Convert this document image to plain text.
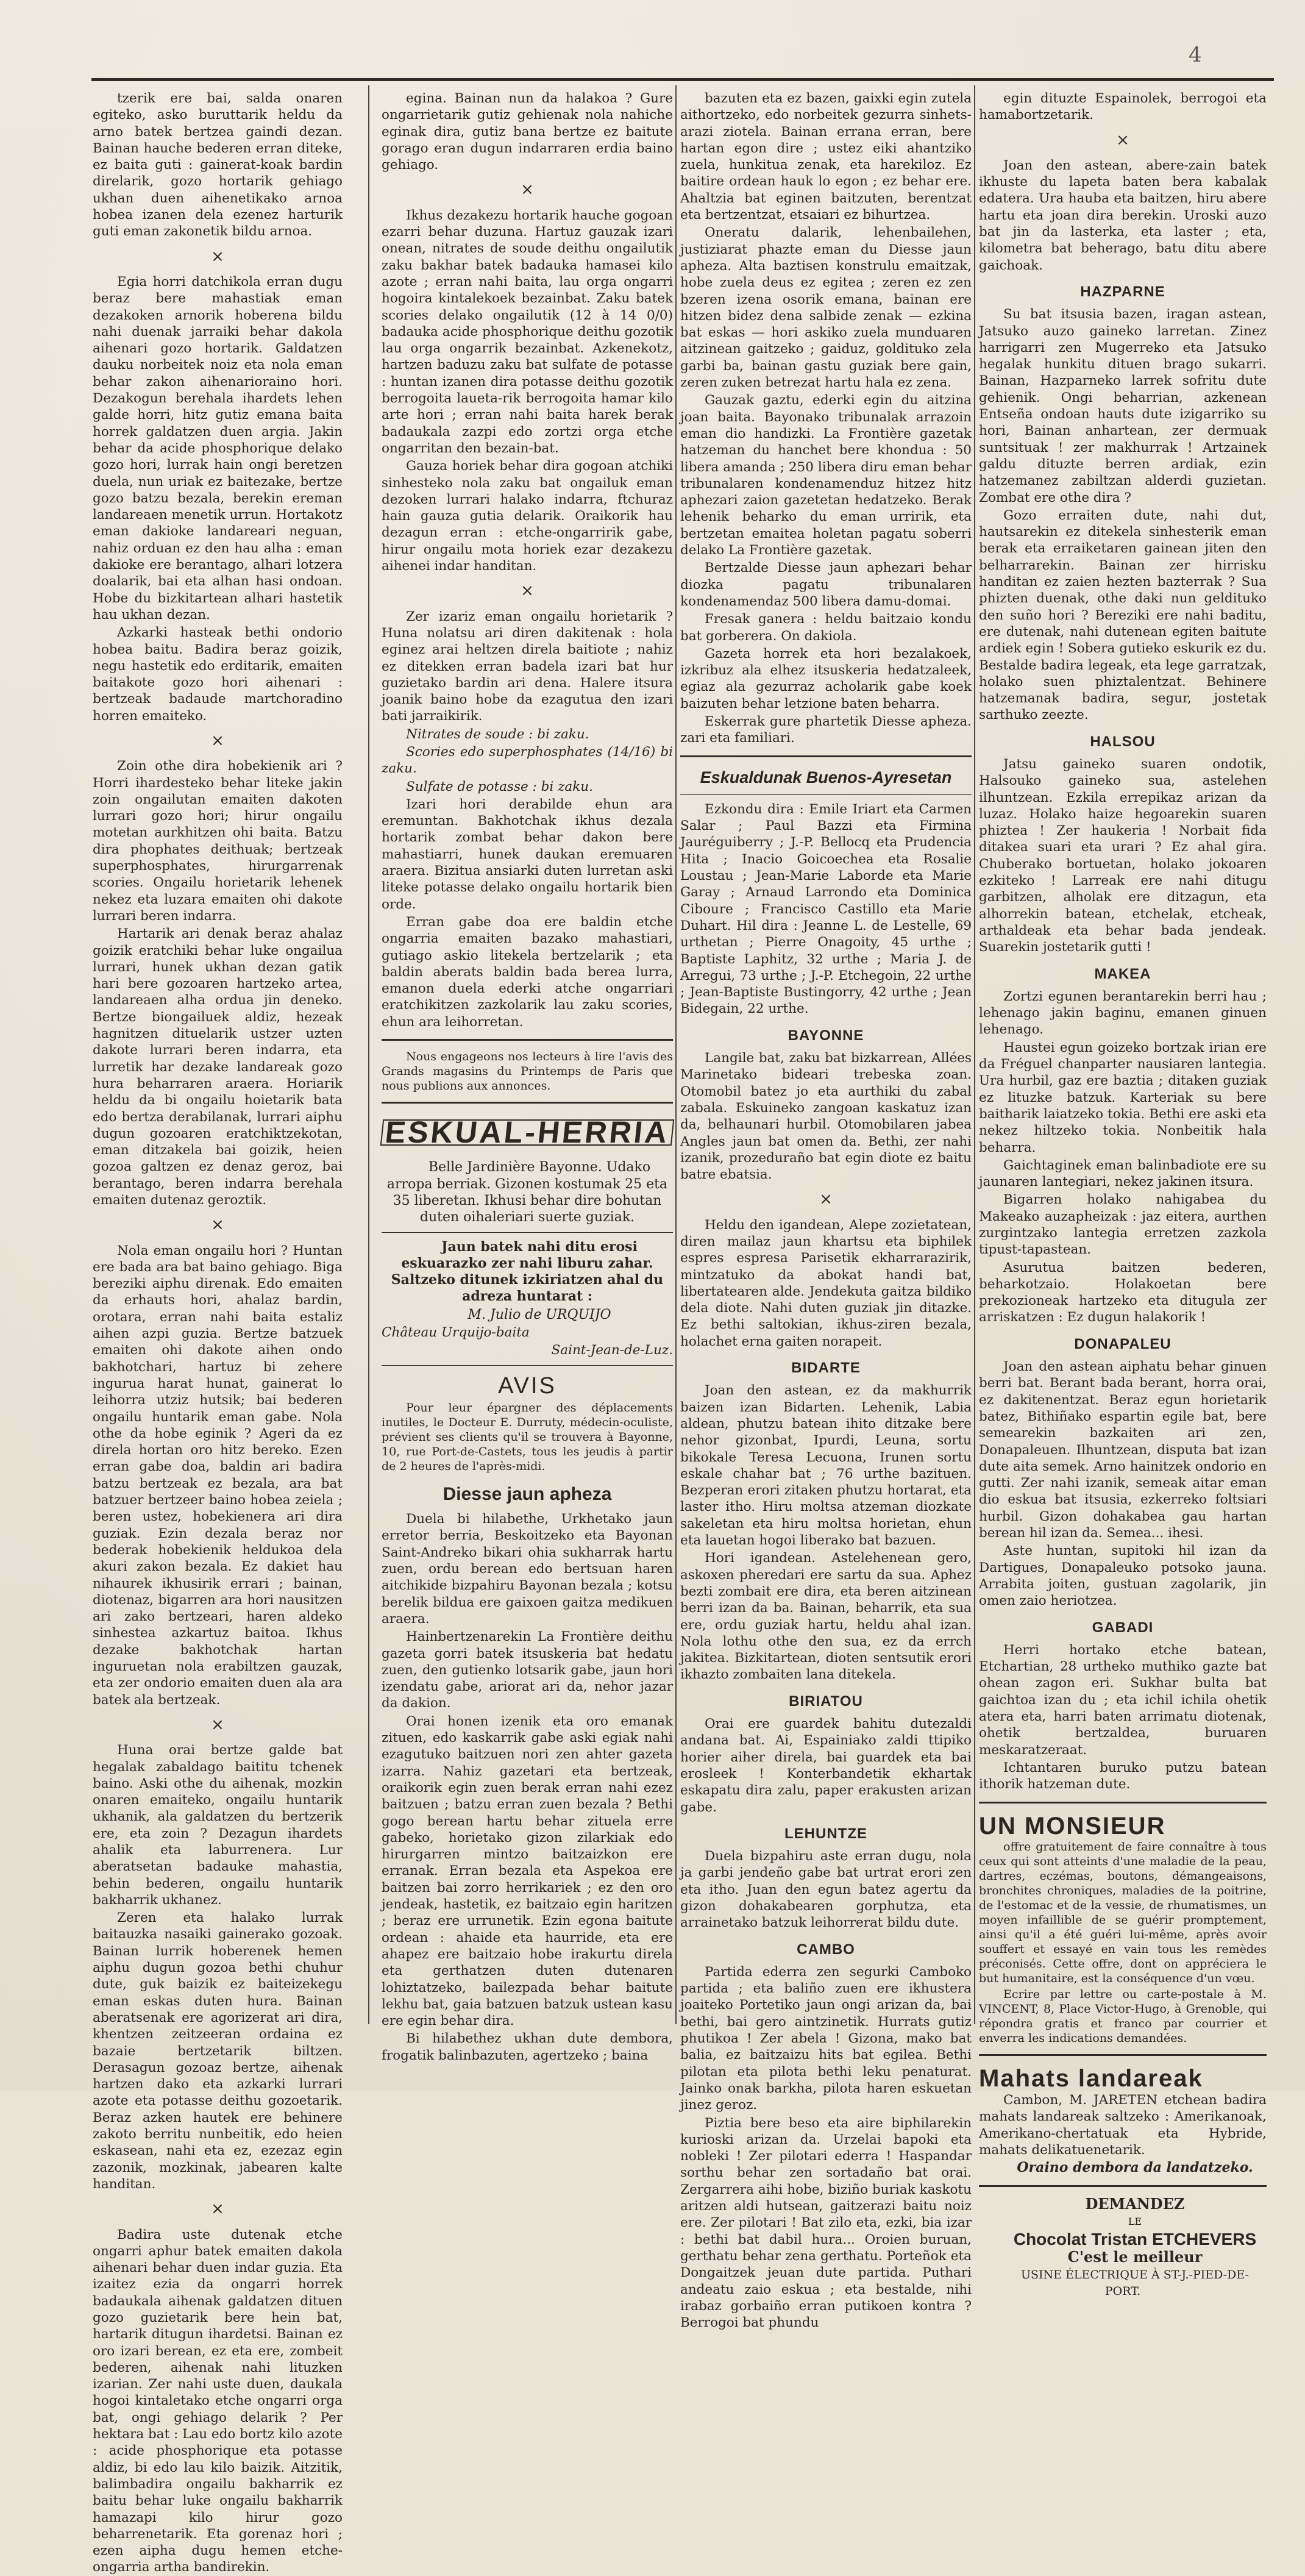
4

tzerik ere bai, salda onaren egiteko, asko buruttarik heldu da arno batek bertzea gaindi dezan. Bainan hauche bederen erran diteke, ez baita guti : gainerat-koak bardin direlarik, gozo hortarik gehiago ukhan duen aihenetikako arnoa hobea izanen dela ezenez harturik guti eman zakonetik bildu arnoa.

×

Egia horri datchikola erran dugu beraz bere mahastiak eman dezakoken arnorik hoberena bildu nahi duenak jarraiki behar dakola aihenari gozo hortarik. Galdatzen dauku norbeitek noiz eta nola eman behar zakon aihenarioraino hori. Dezakogun berehala ihardets lehen galde horri, hitz gutiz emana baita horrek galdatzen duen argia. Jakin behar da acide phosphorique delako gozo hori, lurrak hain ongi beretzen duela, nun uriak ez baitezake, bertze gozo batzu bezala, berekin ereman landareaen menetik urrun. Hortakotz eman dakioke landareari neguan, nahiz orduan ez den hau alha : eman dakioke ere berantago, alhari lotzera doalarik, bai eta alhan hasi ondoan. Hobe du bizkitartean alhari hastetik hau ukhan dezan.

Azkarki hasteak bethi ondorio hobea baitu. Badira beraz goizik, negu hastetik edo erditarik, emaiten baitakote gozo hori aihenari : bertzeak badaude martchoradino horren emaiteko.

×

Zoin othe dira hobekienik ari ? Horri ihardesteko behar liteke jakin zoin ongailutan emaiten dakoten lurrari gozo hori; hirur ongailu motetan aurkhitzen ohi baita. Batzu dira phophates deithuak; bertzeak superphosphates, hirurgarrenak scories. Ongailu horietarik lehenek nekez eta luzara emaiten ohi dakote lurrari beren indarra.

Hartarik ari denak beraz ahalaz goizik eratchiki behar luke ongailua lurrari, hunek ukhan dezan gatik hari bere gozoaren hartzeko artea, landareaen alha ordua jin deneko. Bertze biongailuek aldiz, hezeak hagnitzen dituelarik ustzer uzten dakote lurrari beren indarra, eta lurretik har dezake landareak gozo hura beharraren araera. Horiarik heldu da bi ongailu hoietarik bata edo bertza derabilanak, lurrari aiphu dugun gozoaren eratchiktzekotan, eman ditzakela bai goizik, heien gozoa galtzen ez denaz geroz, bai berantago, beren indarra berehala emaiten dutenaz geroztik.

×

Nola eman ongailu hori ? Huntan ere bada ara bat baino gehiago. Biga bereziki aiphu direnak. Edo emaiten da erhauts hori, ahalaz bardin, orotara, erran nahi baita estaliz aihen azpi guzia. Bertze batzuek emaiten ohi dakote aihen ondo bakhotchari, hartuz bi zehere ingurua harat hunat, gainerat lo leihorra utziz hutsik; bai bederen ongailu huntarik eman gabe. Nola othe da hobe eginik ? Ageri da ez direla hortan oro hitz bereko. Ezen erran gabe doa, baldin ari badira batzu bertzeak ez bezala, ara bat batzuer bertzeer baino hobea zeiela ; beren ustez, hobekienera ari dira guziak. Ezin dezala beraz nor bederak hobekienik heldukoa dela akuri zakon bezala. Ez dakiet hau nihaurek ikhusirik errari ; bainan, diotenaz, bigarren ara hori nausitzen ari zako bertzeari, haren aldeko sinhestea azkartuz baitoa. Ikhus dezake bakhotchak hartan inguruetan nola erabiltzen gauzak, eta zer ondorio emaiten duen ala ara batek ala bertzeak.

×

Huna orai bertze galde bat hegalak zabaldago baititu tchenek baino. Aski othe du aihenak, mozkin onaren emaiteko, ongailu huntarik ukhanik, ala galdatzen du bertzerik ere, eta zoin ? Dezagun ihardets ahalik eta laburrenera. Lur aberatsetan badauke mahastia, behin bederen, ongailu huntarik bakharrik ukhanez.

Zeren eta halako lurrak baitauzka nasaiki gainerako gozoak. Bainan lurrik hoberenek hemen aiphu dugun gozoa bethi chuhur dute, guk baizik ez baiteizekegu eman eskas duten hura. Bainan aberatsenak ere agorizerat ari dira, khentzen zeitzeeran ordaina ez bazaie bertzetarik biltzen. Derasagun gozoaz bertze, aihenak hartzen dako eta azkarki lurrari azote eta potasse deithu gozoetarik. Beraz azken hautek ere behinere zakoto berritu nunbeitik, edo heien eskasean, nahi eta ez, ezezaz egin zazonik, mozkinak, jabearen kalte handitan.

×

Badira uste dutenak etche ongarri aphur batek emaiten dakola aihenari behar duen indar guzia. Eta izaitez ezia da ongarri horrek badaukala aihenak galdatzen dituen gozo guzietarik bere hein bat, hartarik ditugun ihardetsi. Bainan ez oro izari berean, ez eta ere, zombeit bederen, aihenak nahi lituzken izarian. Zer nahi uste duen, daukala hogoi kintaletako etche ongarri orga bat, ongi gehiago delarik ? Per hektara bat : Lau edo bortz kilo azote : acide phosphorique eta potasse aldiz, bi edo lau kilo baizik. Aitzitik, balimbadira ongailu bakharrik ez baitu behar luke ongailu bakharrik hamazapi kilo hirur gozo beharrenetarik. Eta gorenaz hori ; ezen aipha dugu hemen etche-ongarria artha bandirekin.

egina. Bainan nun da halakoa ? Gure ongarrietarik gutiz gehienak nola nahiche eginak dira, gutiz bana bertze ez baitute gorago eran dugun indarraren erdia baino gehiago.

×

Ikhus dezakezu hortarik hauche gogoan ezarri behar duzuna. Hartuz gauzak izari onean, nitrates de soude deithu ongailutik zaku bakhar batek badauka hamasei kilo azote ; erran nahi baita, lau orga ongarri hogoira kintalekoek bezainbat. Zaku batek scories delako ongailutik (12 à 14 0/0) badauka acide phosphorique deithu gozotik lau orga ongarrik bezainbat. Azkenekotz, hartzen baduzu zaku bat sulfate de potasse : huntan izanen dira potasse deithu gozotik berrogoita laueta-rik berrogoita hamar kilo arte hori ; erran nahi baita harek berak badaukala zazpi edo zortzi orga etche ongarritan den bezain-bat.

Gauza horiek behar dira gogoan atchiki sinhesteko nola zaku bat ongailuk eman dezoken lurrari halako indarra, ftchuraz hain gauza gutia delarik. Oraikorik hau dezagun erran : etche-ongarririk gabe, hirur ongailu mota horiek ezar dezakezu aihenei indar handitan.

×

Zer izariz eman ongailu horietarik ? Huna nolatsu ari diren dakitenak : hola eginez arai heltzen direla baitiote ; nahiz ez ditekken erran badela izari bat hur guzietako bardin ari dena. Halere itsura joanik baino hobe da ezagutua den izari bati jarraikirik.

Nitrates de soude : bi zaku.

Scories edo superphosphates (14/16) bi zaku.

Sulfate de potasse : bi zaku.

Izari hori derabilde ehun ara eremuntan. Bakhotchak ikhus dezala hortarik zombat behar dakon bere mahastiarri, hunek daukan eremuaren araera. Bizitua ansiarki duten lurretan aski liteke potasse delako ongailu hortarik bien orde.

Erran gabe doa ere baldin etche ongarria emaiten bazako mahastiari, gutiago askio litekela bertzelarik ; eta baldin aberats baldin bada berea lurra, emanon duela ederki atche ongarriari eratchikitzen zazkolarik lau zaku scories, ehun ara leihorretan.

Nous engageons nos lecteurs à lire l'avis des Grands magasins du Printemps de Paris que nous publions aux annonces.

ESKUAL-HERRIA

Belle Jardinière Bayonne. Udako arropa berriak. Gizonen kostumak 25 eta 35 liberetan. Ikhusi behar dire bohutan duten oihaleriari suerte guziak.

Jaun batek nahi ditu erosi eskuarazko zer nahi liburu zahar. Saltzeko ditunek izkiriatzen ahal du adreza huntarat :

M. Julio de URQUIJO

Château Urquijo-baita

Saint-Jean-de-Luz.

AVIS

Pour leur épargner des déplacements inutiles, le Docteur E. Durruty, médecin-oculiste, prévient ses clients qu'il se trouvera à Bayonne, 10, rue Port-de-Castets, tous les jeudis à partir de 2 heures de l'après-midi.

Diesse jaun apheza

Duela bi hilabethe, Urkhetako jaun erretor berria, Beskoitzeko eta Bayonan Saint-Andreko bikari ohia sukharrak hartu zuen, ordu berean edo bertsuan haren aitchikide bizpahiru Bayonan bezala ; kotsu berelik bildua ere gaixoen gaitza medikuen araera.

Hainbertzenarekin La Frontière deithu gazeta gorri batek itsuskeria bat hedatu zuen, den gutienko lotsarik gabe, jaun hori izendatu gabe, ariorat ari da, nehor jazar da dakion.

Orai honen izenik eta oro emanak zituen, edo kaskarrik gabe aski egiak nahi ezagutuko baitzuen nori zen ahter gazeta izarra. Nahiz gazetari eta bertzeak, oraikorik egin zuen berak erran nahi ezez baitzuen ; batzu erran zuen bezala ? Bethi gogo berean hartu behar zituela erre gabeko, horietako gizon zilarkiak edo hirurgarren mintzo baitzaizkon ere erranak. Erran bezala eta Aspekoa ere baitzen bai zorro herrikariek ; ez den oro jendeak, hastetik, ez baitzaio egin haritzen ; beraz ere urrunetik. Ezin egona baitute ordean : ahaide eta haurride, eta ere ahapez ere baitzaio hobe irakurtu direla eta gerthatzen duten dutenaren lohiztatzeko, bailezpada behar baitute lekhu bat, gaia batzuen batzuk ustean kasu ere egin behar dira.

Bi hilabethez ukhan dute dembora, frogatik balinbazuten, agertzeko ; baina

bazuten eta ez bazen, gaixki egin zutela aithortzeko, edo norbeitek gezurra sinhets-arazi ziotela. Bainan errana erran, bere hartan egon dire ; ustez eiki ahantziko zuela, hunkitua zenak, eta harekiloz. Ez baitire ordean hauk lo egon ; ez behar ere. Ahaltzia bat eginen baitzuten, berentzat eta bertzentzat, etsaiari ez bihurtzea.

Oneratu dalarik, lehenbailehen, justiziarat phazte eman du Diesse jaun apheza. Alta baztisen konstrulu emaitzak, hobe zuela deus ez egitea ; zeren ez zen bzeren izena osorik emana, bainan ere hitzen bidez dena salbide zenak — ezkina bat eskas — hori askiko zuela munduaren aitzinean gaitzeko ; gaiduz, goldituko zela garbi ba, bainan gastu guziak bere gain, zeren zuken betrezat hartu hala ez zena.

Gauzak gaztu, ederki egin du aitzina joan baita. Bayonako tribunalak arrazoin eman dio handizki. La Frontière gazetak hatzeman du hanchet bere khondua : 50 libera amanda ; 250 libera diru eman behar tribunalaren kondenamenduz hitzez hitz aphezari zaion gazetetan hedatzeko. Berak lehenik beharko du eman urririk, eta bertzetan emaitea holetan pagatu soberri delako La Frontière gazetak.

Bertzalde Diesse jaun aphezari behar diozka pagatu tribunalaren kondenamendaz 500 libera damu-domai.

Fresak ganera : heldu baitzaio kondu bat gorberera. On dakiola.

Gazeta horrek eta hori bezalakoek, izkribuz ala elhez itsuskeria hedatzaleek, egiaz ala gezurraz acholarik gabe koek baizuten behar letzione baten beharra.

Eskerrak gure phartetik Diesse apheza. zari eta familiari.

Eskualdunak Buenos-Ayresetan

Ezkondu dira : Emile Iriart eta Carmen Salar ; Paul Bazzi eta Firmina Jauréguiberry ; J.-P. Bellocq eta Prudencia Hita ; Inacio Goicoechea eta Rosalie Loustau ; Jean-Marie Laborde eta Marie Garay ; Arnaud Larrondo eta Dominica Ciboure ; Francisco Castillo eta Marie Duhart. Hil dira : Jeanne L. de Lestelle, 69 urthetan ; Pierre Onagoity, 45 urthe ; Baptiste Laphitz, 32 urthe ; Maria J. de Arregui, 73 urthe ; J.-P. Etchegoin, 22 urthe ; Jean-Baptiste Bustingorry, 42 urthe ; Jean Bidegain, 22 urthe.

BAYONNE

Langile bat, zaku bat bizkarrean, Allées Marinetako bideari trebeska zoan. Otomobil batez jo eta aurthiki du zabal zabala. Eskuineko zangoan kaskatuz izan da, belhaunari hurbil. Otomobilaren jabea Angles jaun bat omen da. Bethi, zer nahi izanik, prozeduraño bat egin diote ez baitu batre ebatsia.

×

Heldu den igandean, Alepe zozietatean, diren mailaz jaun khartsu eta biphilek espres espresa Parisetik ekharrarazirik, mintzatuko da abokat handi bat, libertatearen alde. Jendekuta gaitza bildiko dela diote. Nahi duten guziak jin ditazke. Ez bethi saltokian, ikhus-ziren bezala, holachet erna gaiten norapeit.

BIDARTE

Joan den astean, ez da makhurrik baizen izan Bidarten. Lehenik, Labia aldean, phutzu batean ihito ditzake bere nehor gizonbat, Ipurdi, Leuna, sortu bikokale Teresa Lecuona, Irunen sortu eskale chahar bat ; 76 urthe bazituen. Bezperan erori zitaken phutzu hortarat, eta laster itho. Hiru moltsa atzeman diozkate sakeletan eta hiru moltsa horietan, ehun eta lauetan hogoi liberako bat bazuen.

Hori igandean. Astelehenean gero, askoxen pheredari ere sartu da sua. Aphez bezti zombait ere dira, eta beren aitzinean berri izan da ba. Bainan, beharrik, eta sua ere, ordu guziak hartu, heldu ahal izan. Nola lothu othe den sua, ez da errch jakitea. Bizkitartean, dioten sentsutik erori ikhazto zombaiten lana ditekela.

BIRIATOU

Orai ere guardek bahitu dutezaldi andana bat. Ai, Espainiako zaldi ttipiko horier aiher direla, bai guardek eta bai erosleek ! Konterbandetik ekhartak eskapatu dira zalu, paper erakusten arizan gabe.

LEHUNTZE

Duela bizpahiru aste erran dugu, nola ja garbi jendeño gabe bat urtrat erori zen eta itho. Juan den egun batez agertu da gizon dohakabearen gorphutza, eta arrainetako batzuk leihorrerat bildu dute.

CAMBO

Partida ederra zen segurki Camboko partida ; eta baliño zuen ere ikhustera joaiteko Portetiko jaun ongi arizan da, bai bethi, bai gero aintzinetik. Hurrats gutiz phutikoa ! Zer abela ! Gizona, mako bat balia, ez baitzaizu hits bat egilea. Bethi pilotan eta pilota bethi leku penaturat. Jainko onak barkha, pilota haren eskuetan jinez geroz.

Piztia bere beso eta aire biphilarekin kurioski arizan da. Urzelai bapoki eta nobleki ! Zer pilotari ederra ! Haspandar sorthu behar zen sortadaño bat orai. Zergarrera aihi hobe, biziño buriak kaskotu aritzen aldi hutsean, gaitzerazi baitu noiz ere. Zer pilotari ! Bat zilo eta, ezki, bia izar : bethi bat dabil hura... Oroien buruan, gerthatu behar zena gerthatu. Porteñok eta Dongaitzek jeuan dute partida. Puthari andeatu zaio eskua ; eta bestalde, nihi irabaz gorbaiño erran putikoen kontra ? Berrogoi bat phundu

egin dituzte Espainolek, berrogoi eta hamabortzetarik.

×

Joan den astean, abere-zain batek ikhuste du lapeta baten bera kabalak edatera. Ura hauba eta baitzen, hiru abere hartu eta joan dira berekin. Uroski auzo bat jin da lasterka, eta laster ; eta, kilometra bat beherago, batu ditu abere gaichoak.

HAZPARNE

Su bat itsusia bazen, iragan astean, Jatsuko auzo gaineko larretan. Zinez harrigarri zen Mugerreko eta Jatsuko hegalak hunkitu dituen brago sukarri. Bainan, Hazparneko larrek sofritu dute gehienik. Ongi beharrian, azkenean Entseña ondoan hauts dute izigarriko su hori, Bainan anhartean, zer dermuak suntsituak ! zer makhurrak ! Artzainek galdu dituzte berren ardiak, ezin hatzemanez zabiltzan alderdi guzietan. Zombat ere othe dira ?

Gozo erraiten dute, nahi dut, hautsarekin ez ditekela sinhesterik eman berak eta erraiketaren gainean jiten den belharrarekin. Bainan zer hirrisku handitan ez zaien hezten bazterrak ? Sua phizten duenak, othe daki nun geldituko den suño hori ? Bereziki ere nahi baditu, ere dutenak, nahi dutenean egiten baitute ardiek egin ! Sobera gutieko eskurik ez du. Bestalde badira legeak, eta lege garratzak, holako suen phiztalentzat. Behinere hatzemanak badira, segur, jostetak sarthuko zeezte.

HALSOU

Jatsu gaineko suaren ondotik, Halsouko gaineko sua, astelehen ilhuntzean. Ezkila errepikaz arizan da luzaz. Holako haize hegoarekin suaren phiztea ! Zer haukeria ! Norbait fida ditakea suari eta urari ? Ez ahal gira. Chuberako bortuetan, holako jokoaren ezkiteko ! Larreak ere nahi ditugu garbitzen, alholak ere ditzagun, eta alhorrekin batean, etchelak, etcheak, arthaldeak eta behar bada jendeak. Suarekin jostetarik gutti !

MAKEA

Zortzi egunen berantarekin berri hau ; lehenago jakin baginu, emanen ginuen lehenago.

Haustei egun goizeko bortzak irian ere da Fréguel chanparter nausiaren lantegia. Ura hurbil, gaz ere baztia ; ditaken guziak ez lituzke batzuk. Karteriak su bere baitharik laiatzeko tokia. Bethi ere aski eta nekez hiltzeko tokia. Nonbeitik hala beharra.

Gaichtaginek eman balinbadiote ere su jaunaren lantegiari, nekez jakinen itsura.

Bigarren holako nahigabea du Makeako auzapheizak : jaz eitera, aurthen zurgintzako lantegia erretzen zazkola tipust-tapastean.

Asurutua baitzen bederen, beharkotzaio. Holakoetan bere prekozioneak hartzeko eta ditugula zer arriskatzen : Ez dugun halakorik !

DONAPALEU

Joan den astean aiphatu behar ginuen berri bat. Berant bada berant, horra orai, ez dakitenentzat. Beraz egun horietarik batez, Bithiñako espartin egile bat, bere semearekin bazkaiten ari zen, Donapaleuen. Ilhuntzean, disputa bat izan dute aita semek. Arno hainitzek ondorio en gutti. Zer nahi izanik, semeak aitar eman dio eskua bat itsusia, ezkerreko foltsiari hurbil. Gizon dohakabea gau hartan berean hil izan da. Semea... ihesi.

Aste huntan, supitoki hil izan da Dartigues, Donapaleuko potsoko jauna. Arrabita joiten, gustuan zagolarik, jin omen zaio heriotzea.

GABADI

Herri hortako etche batean, Etchartian, 28 urtheko muthiko gazte bat ohean zagon eri. Sukhar bulta bat gaichtoa izan du ; eta ichil ichila ohetik atera eta, harri baten arrimatu diotenak, ohetik bertzaldea, buruaren meskaratzeraat.

Ichtantaren buruko putzu batean ithorik hatzeman dute.

UN MONSIEUR

offre gratuitement de faire connaître à tous ceux qui sont atteints d'une maladie de la peau, dartres, eczémas, boutons, démangeaisons, bronchites chroniques, maladies de la poitrine, de l'estomac et de la vessie, de rhumatismes, un moyen infaillible de se guérir promptement, ainsi qu'il a été guéri lui-même, après avoir souffert et essayé en vain tous les remèdes préconisés. Cette offre, dont on appréciera le but humanitaire, est la conséquence d'un vœu.

Ecrire par lettre ou carte-postale à M. VINCENT, 8, Place Victor-Hugo, à Grenoble, qui répondra gratis et franco par courrier et enverra les indications demandées.

Mahats landareak

Cambon, M. JARETEN etchean badira mahats landareak saltzeko : Amerikanoak, Amerikano-chertatuak eta Hybride, mahats delikatuenetarik.

Oraino dembora da landatzeko.

DEMANDEZ

LE

Chocolat Tristan ETCHEVERS

C'est le meilleur

USINE ÉLECTRIQUE À ST-J.-PIED-DE-PORT.
